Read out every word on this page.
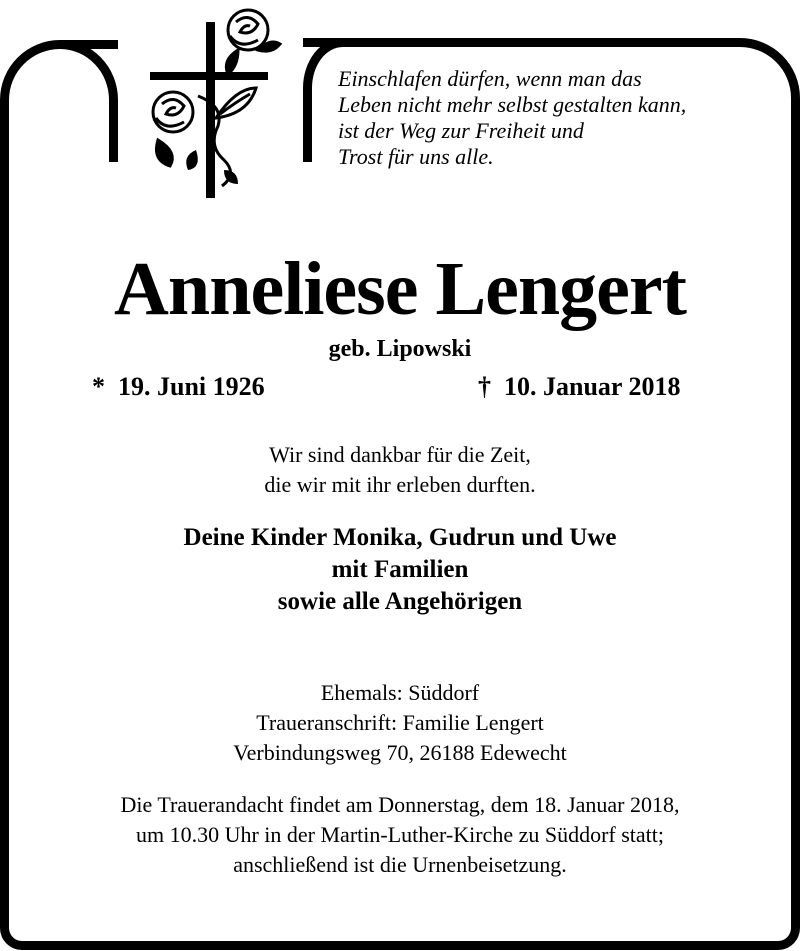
Einschlafen dürfen, wenn man das
Leben nicht mehr selbst gestalten kann,
ist der Weg zur Freiheit und
Trost für uns alle.
Anneliese Lengert
geb. Lipowski
* 19. Juni 1926	† 10. Januar 2018
Wir sind dankbar für die Zeit,
die wir mit ihr erleben durften.
Deine Kinder Monika, Gudrun und Uwe
mit Familien
sowie alle Angehörigen
Ehemals: Süddorf
Traueranschrift: Familie Lengert
Verbindungsweg 70, 26188 Edewecht
Die Trauerandacht findet am Donnerstag, dem 18. Januar 2018,
um 10.30 Uhr in der Martin-Luther-Kirche zu Süddorf statt;
anschließend ist die Urnenbeisetzung.
